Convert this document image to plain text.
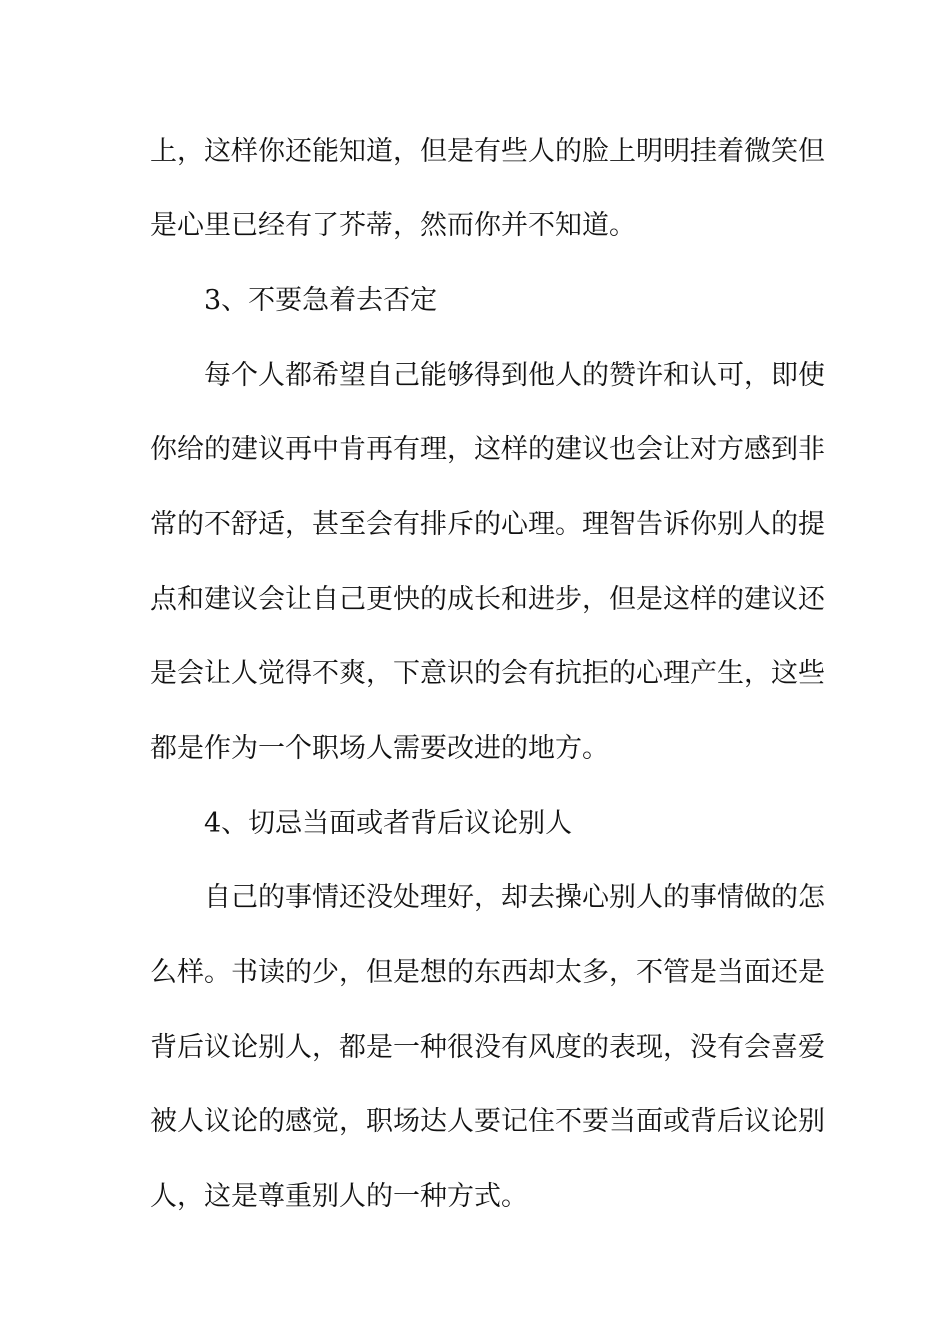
上，这样你还能知道，但是有些人的脸上明明挂着微笑但
是心里已经有了芥蒂，然而你并不知道。
3、不要急着去否定
每个人都希望自己能够得到他人的赞许和认可，即使
你给的建议再中肯再有理，这样的建议也会让对方感到非
常的不舒适，甚至会有排斥的心理。理智告诉你别人的提
点和建议会让自己更快的成长和进步，但是这样的建议还
是会让人觉得不爽，下意识的会有抗拒的心理产生，这些
都是作为一个职场人需要改进的地方。
4、切忌当面或者背后议论别人
自己的事情还没处理好，却去操心别人的事情做的怎
么样。书读的少，但是想的东西却太多，不管是当面还是
背后议论别人，都是一种很没有风度的表现，没有会喜爱
被人议论的感觉，职场达人要记住不要当面或背后议论别
人，这是尊重别人的一种方式。
